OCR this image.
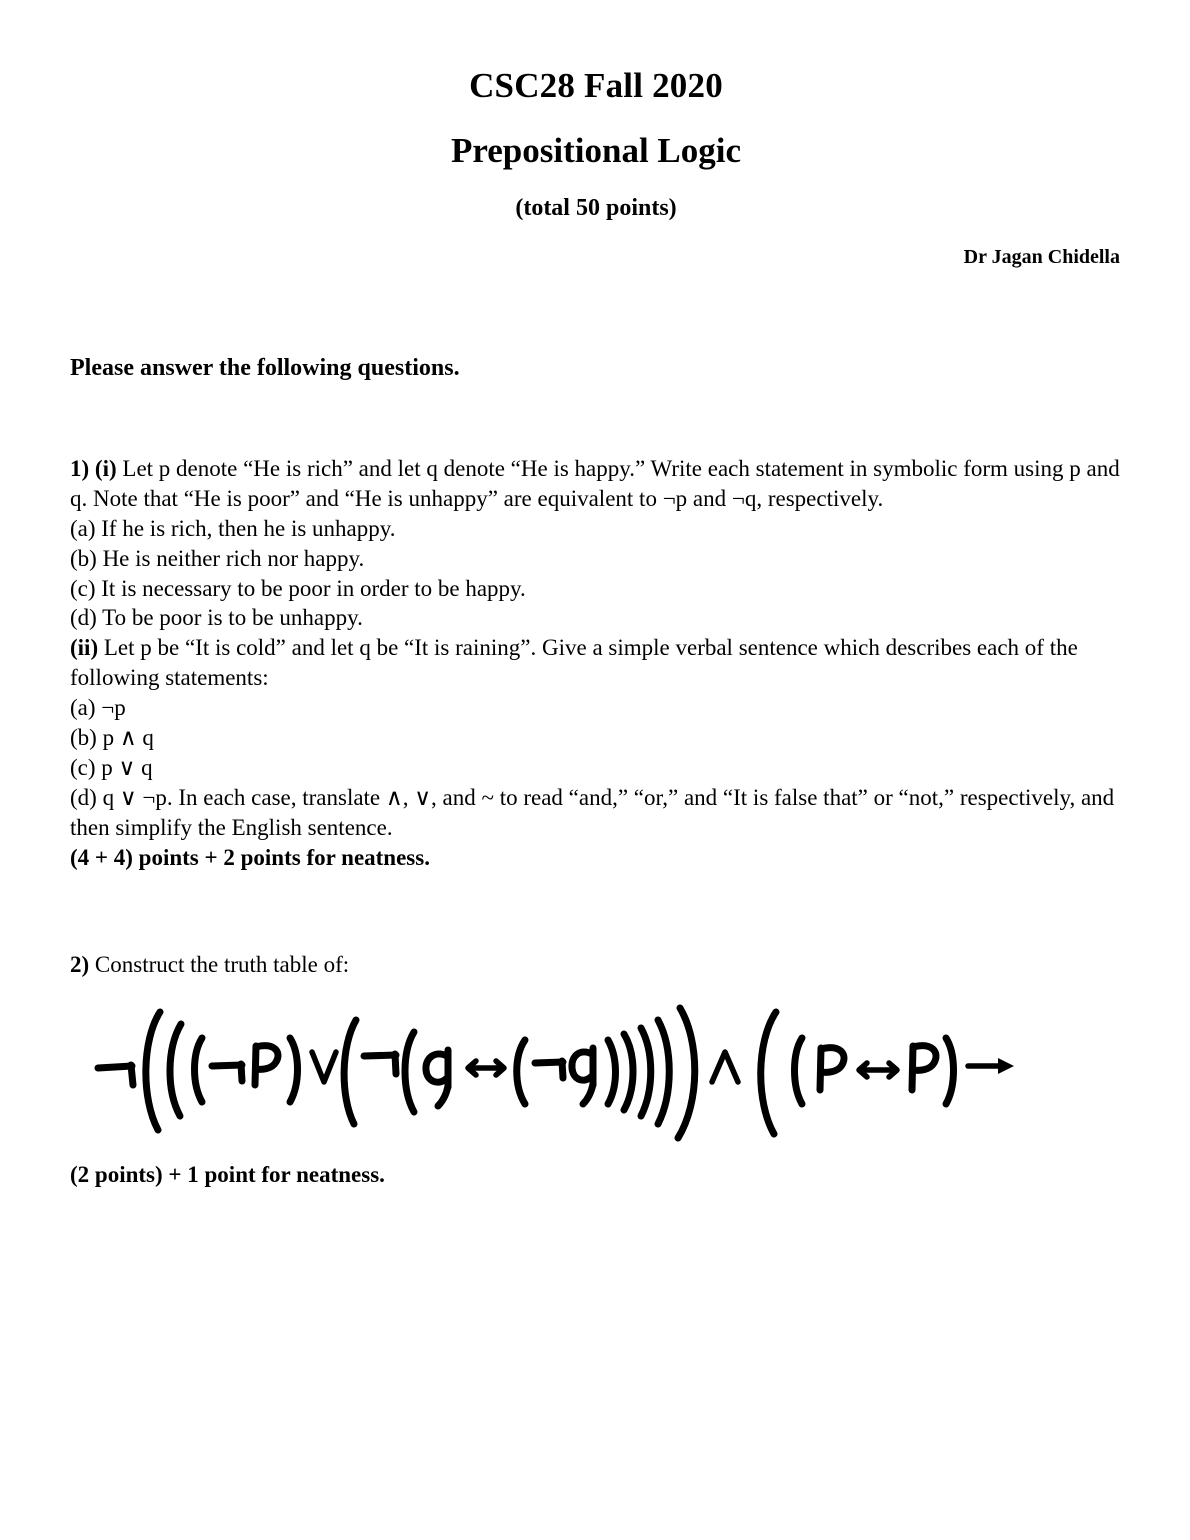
CSC28 Fall 2020
Prepositional Logic
(total 50 points)
Dr Jagan Chidella
Please answer the following questions.

1) (i) Let p denote “He is rich” and let q denote “He is happy.” Write each statement in symbolic form using p and q. Note that “He is poor” and “He is unhappy” are equivalent to ¬p and ¬q, respectively.

(a) If he is rich, then he is unhappy.

(b) He is neither rich nor happy.

(c) It is necessary to be poor in order to be happy.

(d) To be poor is to be unhappy.

(ii) Let p be “It is cold” and let q be “It is raining”. Give a simple verbal sentence which describes each of the following statements:

(a) ¬p

(b) p ∧ q

(c) p ∨ q

(d) q ∨ ¬p. In each case, translate ∧, ∨, and ~ to read “and,” “or,” and “It is false that” or “not,” respectively, and then simplify the English sentence.

(4 + 4) points + 2 points for neatness.

2) Construct the truth table of:

(2 points) + 1 point for neatness.
